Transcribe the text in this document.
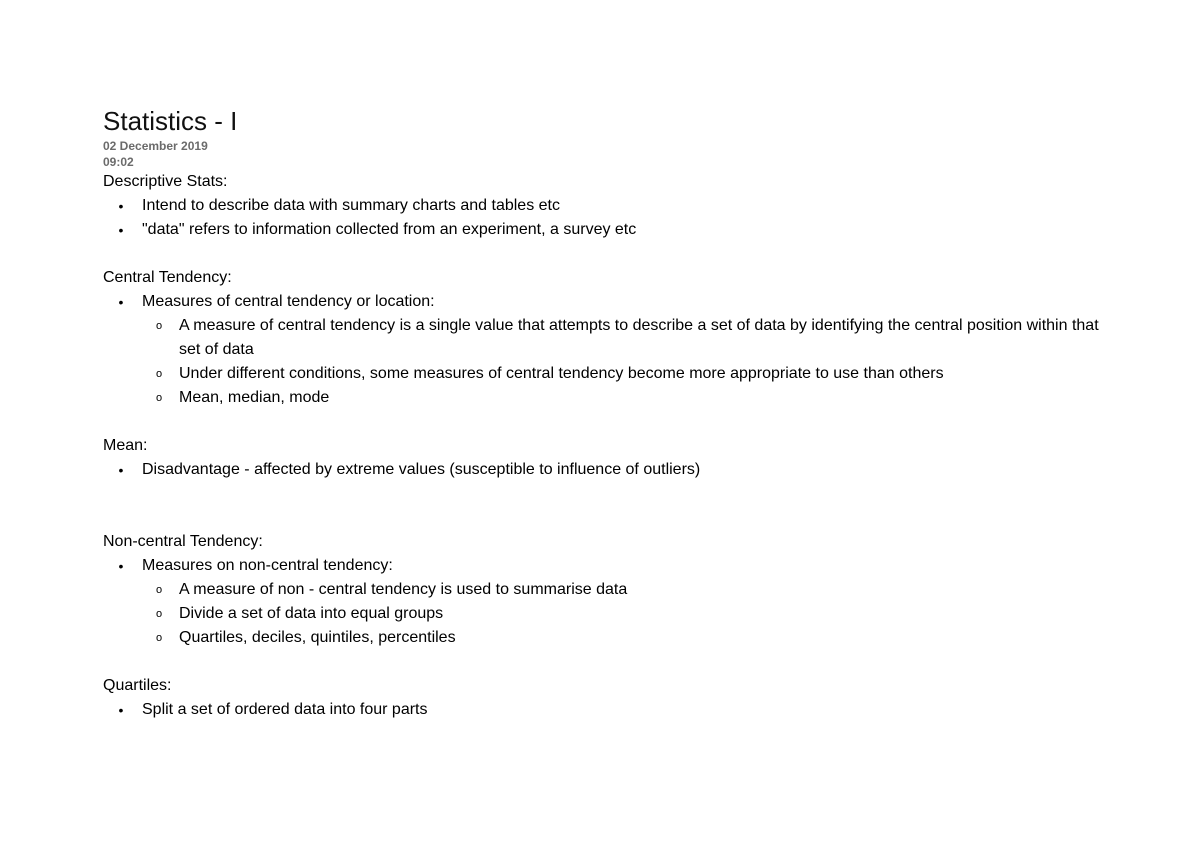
Statistics - I
02 December 2019
09:02

Descriptive Stats:

• Intend to describe data with summary charts and tables etc
• "data" refers to information collected from an experiment, a survey etc

Central Tendency:

• Measures of central tendency or location:
o A measure of central tendency is a single value that attempts to describe a set of data by identifying the central position within that set of data
o Under different conditions, some measures of central tendency become more appropriate to use than others
o Mean, median, mode

Mean:

• Disadvantage - affected by extreme values (susceptible to influence of outliers)

Non-central Tendency:

• Measures on non-central tendency:
o A measure of non - central tendency is used to summarise data
o Divide a set of data into equal groups
o Quartiles, deciles, quintiles, percentiles

Quartiles:

• Split a set of ordered data into four parts
